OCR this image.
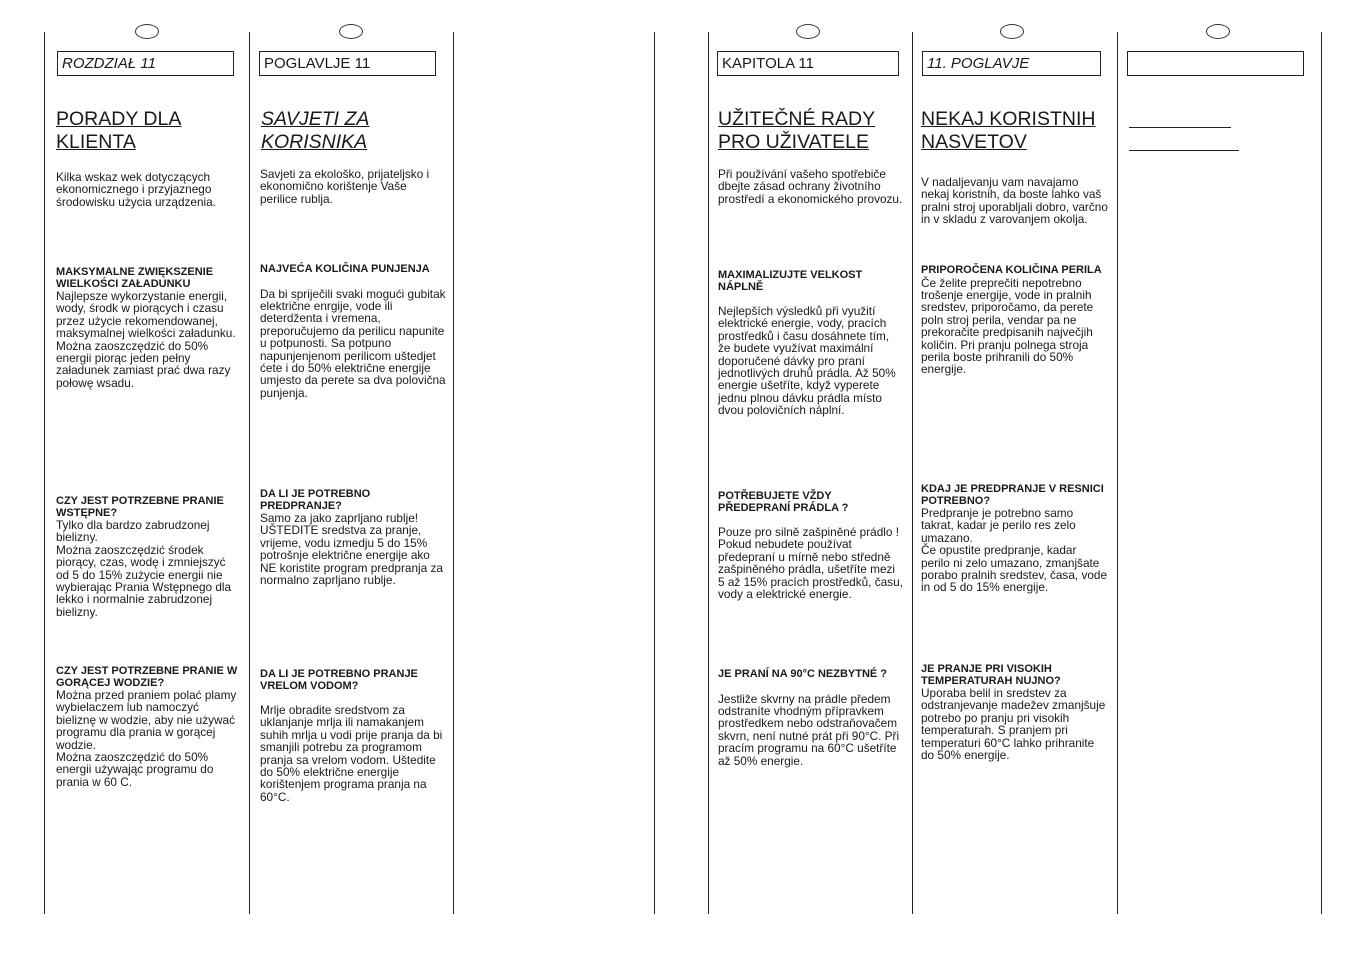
ROZDZIAŁ 11	POGLAVLJE 11	KAPITOLA 11	11. POGLAVJE
PORADY DLA
KLIENTA
Kilka wskaz wek dotyczących ekonomicznego i przyjaznego środowisku użycia urządzenia.
MAKSYMALNE ZWIĘKSZENIE WIELKOŚCI ZAŁADUNKU
Najlepsze wykorzystanie energii, wody, środk w piorących i czasu przez użycie rekomendowanej, maksymalnej wielkości załadunku.
Można zaoszczędzić do 50% energii piorąc jeden pełny załadunek zamiast prać dwa razy połowę wsadu.
CZY JEST POTRZEBNE PRANIE WSTĘPNE?
Tylko dla bardzo zabrudzonej bielizny.
Można zaoszczędzić środek piorący, czas, wodę i zmniejszyć od 5 do 15% zużycie energii nie wybierając Prania Wstępnego dla lekko i normalnie zabrudzonej bielizny.
CZY JEST POTRZEBNE PRANIE W GORĄCEJ WODZIE?
Można przed praniem polać plamy wybielaczem lub namoczyć bieliznę w wodzie, aby nie używać programu dla prania w gorącej wodzie.
Można zaoszczędzić do 50% energii używając programu do prania w 60 C.
SAVJETI ZA
KORISNIKA
Savjeti za ekološko, prijateljsko i ekonomično korištenje Vaše perilice rublja.
NAJVEĆA KOLIČINA PUNJENJA
Da bi spriječili svaki mogući gubitak električne enrgije, vode ili deterdženta i vremena, preporučujemo da perilicu napunite u potpunosti. Sa potpuno napunjenjenom perilicom uštedjet ćete i do 50% električne energije umjesto da perete sa dva polovična punjenja.
DA LI JE POTREBNO PREDPRANJE?
Samo za jako zaprljano rublje! UŠTEDITE sredstva za pranje, vrijeme, vodu izmedju 5 do 15% potrošnje električne energije ako NE koristite program predpranja za normalno zaprljano rublje.
DA LI JE POTREBNO PRANJE VRELOM VODOM?
Mrlje obradite sredstvom za uklanjanje mrlja ili namakanjem suhih mrlja u vodi prije pranja da bi smanjili potrebu za programom pranja sa vrelom vodom. Uštedite do 50% električne energije korištenjem programa pranja na 60°C.
UŽITEČNÉ RADY
PRO UŽIVATELE
Při používání vašeho spotřebiče dbejte zásad ochrany životního prostředí a ekonomického provozu.
MAXIMALIZUJTE VELKOST NÁPLNĚ
Nejlepších výsledků při využití elektrické energie, vody, pracích prostředků i času dosáhnete tím, že budete využívat maximální doporučené dávky pro praní jednotlivých druhů prádla. Až 50% energie ušetříte, když vyperete jednu plnou dávku prádla místo dvou polovičních náplní.
POTŘEBUJETE VŽDY PŘEDEPRANÍ PRÁDLA ?
Pouze pro silně zašpiněné prádlo !
Pokud nebudete používat předepraní u mírně nebo středně zašpiněného prádla, ušetříte mezi 5 až 15% pracích prostředků, času, vody a elektrické energie.
JE PRANÍ NA 90°C NEZBYTNÉ ?
Jestliže skvrny na prádle předem odstraníte vhodným přípravkem prostředkem nebo odstraňovačem skvrn, není nutné prát při 90°C. Při pracím programu na 60°C ušetříte až 50% energie.
NEKAJ KORISTNIH
NASVETOV
V nadaljevanju vam navajamo nekaj koristnih, da boste lahko vaš pralni stroj uporabljali dobro, varčno in v skladu z varovanjem okolja.
PRIPOROČENA KOLIČINA PERILA
Če želite preprečiti nepotrebno trošenje energije, vode in pralnih sredstev, priporočamo, da perete poln stroj perila, vendar pa ne prekoračite predpisanih največjih količin. Pri pranju polnega stroja perila boste prihranili do 50% energije.
KDAJ JE PREDPRANJE V RESNICI POTREBNO?
Predpranje je potrebno samo takrat, kadar je perilo res zelo umazano.
Če opustite predpranje, kadar perilo ni zelo umazano, zmanjšate porabo pralnih sredstev, časa, vode in od 5 do 15% energije.
JE PRANJE PRI VISOKIH TEMPERATURAH NUJNO?
Uporaba belil in sredstev za odstranjevanje madežev zmanjšuje potrebo po pranju pri visokih temperaturah. S pranjem pri temperaturi 60°C lahko prihranite do 50% energije.
